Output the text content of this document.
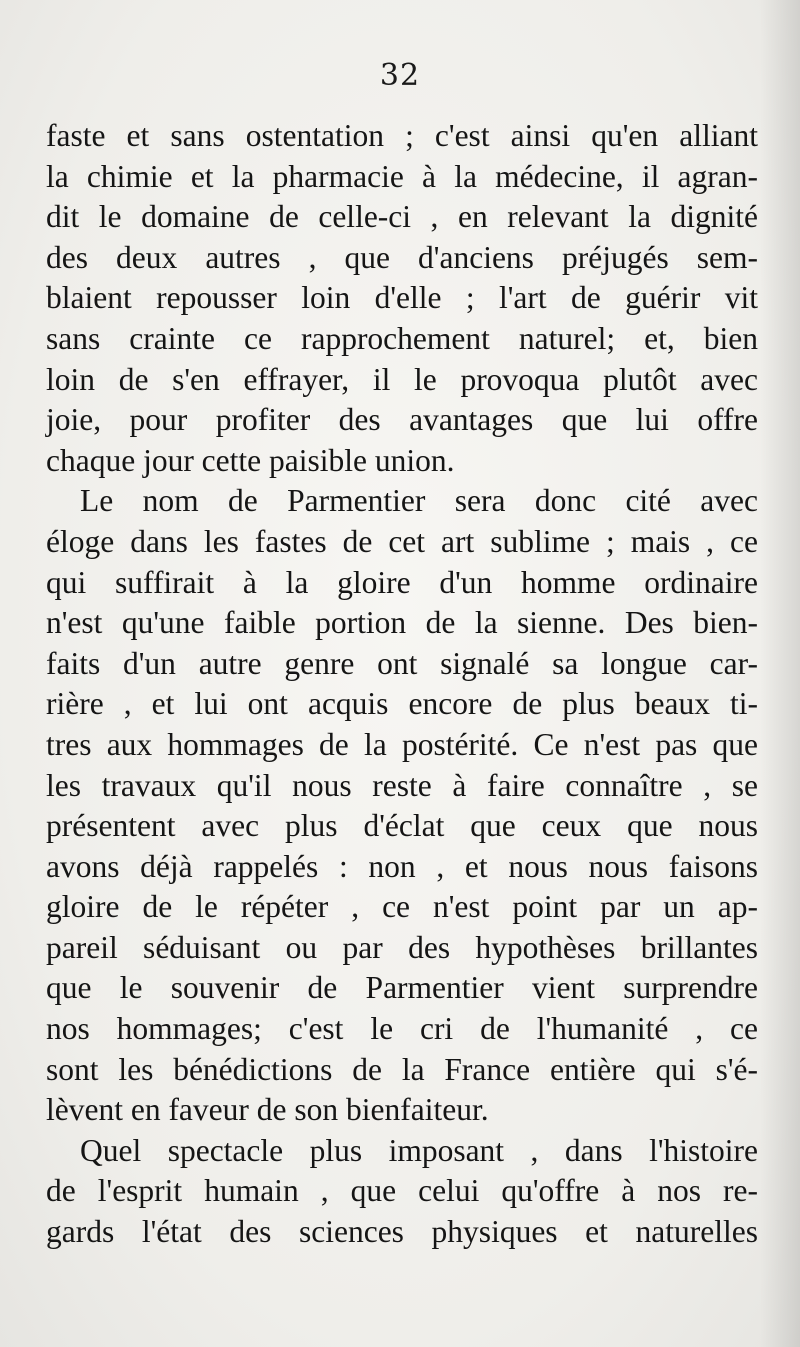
32
faste et sans ostentation ; c'est ainsi qu'en alliant
la chimie et la pharmacie à la médecine, il agran-
dit le domaine de celle-ci , en relevant la dignité
des deux autres , que d'anciens préjugés sem-
blaient repousser loin d'elle ; l'art de guérir vit
sans crainte ce rapprochement naturel; et, bien
loin de s'en effrayer, il le provoqua plutôt avec
joie, pour profiter des avantages que lui offre
chaque jour cette paisible union.
Le nom de Parmentier sera donc cité avec
éloge dans les fastes de cet art sublime ; mais , ce
qui suffirait à la gloire d'un homme ordinaire
n'est qu'une faible portion de la sienne. Des bien-
faits d'un autre genre ont signalé sa longue car-
rière , et lui ont acquis encore de plus beaux ti-
tres aux hommages de la postérité. Ce n'est pas que
les travaux qu'il nous reste à faire connaître , se
présentent avec plus d'éclat que ceux que nous
avons déjà rappelés : non , et nous nous faisons
gloire de le répéter , ce n'est point par un ap-
pareil séduisant ou par des hypothèses brillantes
que le souvenir de Parmentier vient surprendre
nos hommages; c'est le cri de l'humanité , ce
sont les bénédictions de la France entière qui s'é-
lèvent en faveur de son bienfaiteur.
Quel spectacle plus imposant , dans l'histoire
de l'esprit humain , que celui qu'offre à nos re-
gards l'état des sciences physiques et naturelles
